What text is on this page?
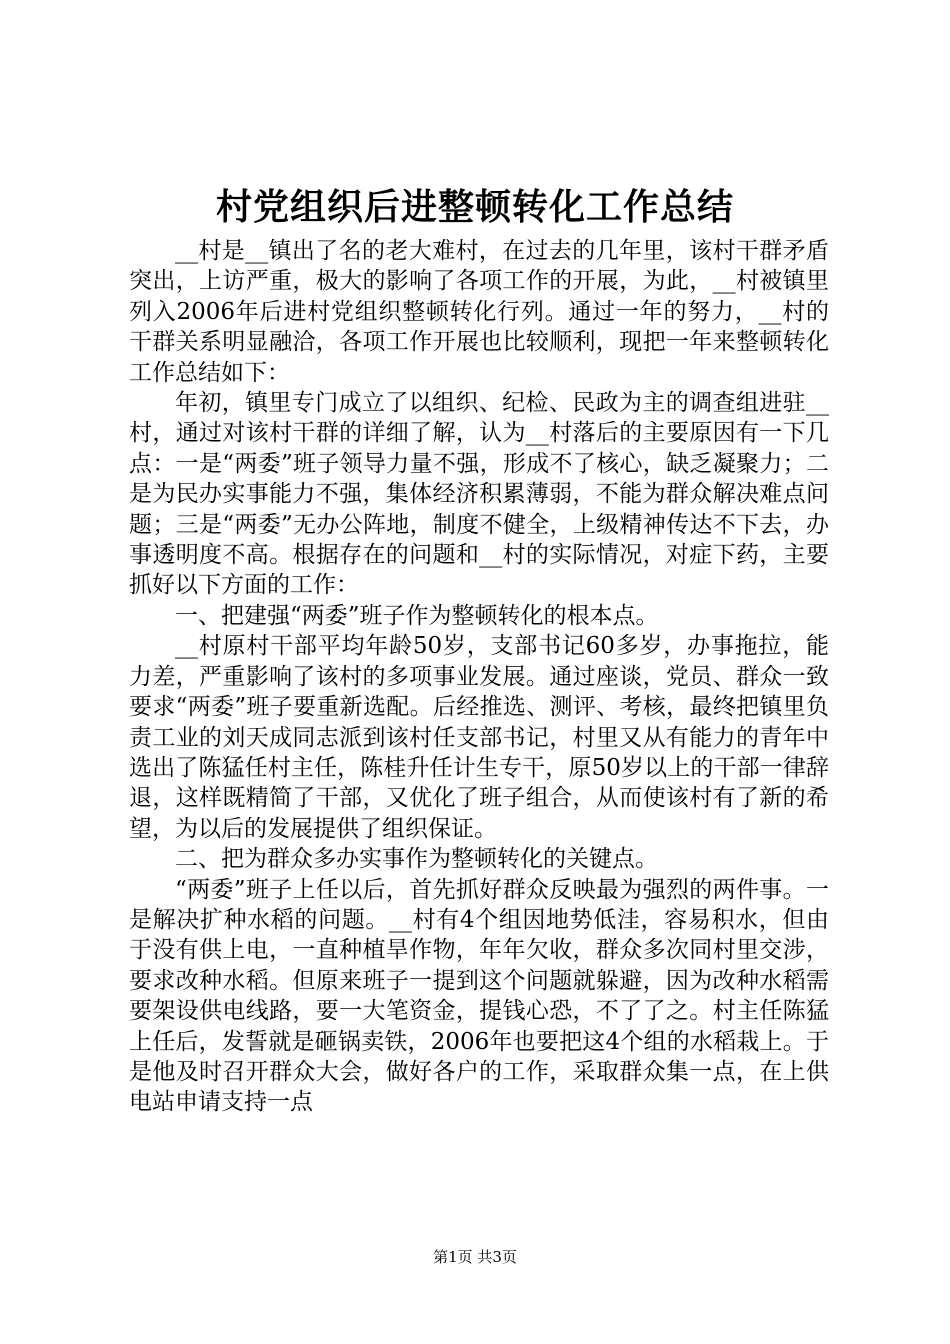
村党组织后进整顿转化工作总结

__村是__镇出了名的老大难村，在过去的几年里，该村干群矛盾突出，上访严重，极大的影响了各项工作的开展，为此，__村被镇里列入2006年后进村党组织整顿转化行列。通过一年的努力，__村的干群关系明显融洽，各项工作开展也比较顺利，现把一年来整顿转化工作总结如下：

年初，镇里专门成立了以组织、纪检、民政为主的调查组进驻__村，通过对该村干群的详细了解，认为__村落后的主要原因有一下几点：一是“两委”班子领导力量不强，形成不了核心，缺乏凝聚力；二是为民办实事能力不强，集体经济积累薄弱，不能为群众解决难点问题；三是“两委”无办公阵地，制度不健全，上级精神传达不下去，办事透明度不高。根据存在的问题和__村的实际情况，对症下药，主要抓好以下方面的工作：

一、把建强“两委”班子作为整顿转化的根本点。

__村原村干部平均年龄50岁，支部书记60多岁，办事拖拉，能力差，严重影响了该村的多项事业发展。通过座谈，党员、群众一致要求“两委”班子要重新选配。后经推选、测评、考核，最终把镇里负责工业的刘天成同志派到该村任支部书记，村里又从有能力的青年中选出了陈猛任村主任，陈桂升任计生专干，原50岁以上的干部一律辞退，这样既精简了干部，又优化了班子组合，从而使该村有了新的希望，为以后的发展提供了组织保证。

二、把为群众多办实事作为整顿转化的关键点。

“两委”班子上任以后，首先抓好群众反映最为强烈的两件事。一是解决扩种水稻的问题。__村有4个组因地势低洼，容易积水，但由于没有供上电，一直种植旱作物，年年欠收，群众多次同村里交涉，要求改种水稻。但原来班子一提到这个问题就躲避，因为改种水稻需要架设供电线路，要一大笔资金，提钱心恐，不了了之。村主任陈猛上任后，发誓就是砸锅卖铁，2006年也要把这4个组的水稻栽上。于是他及时召开群众大会，做好各户的工作，采取群众集一点，在上供电站申请支持一点

第1页 共3页
